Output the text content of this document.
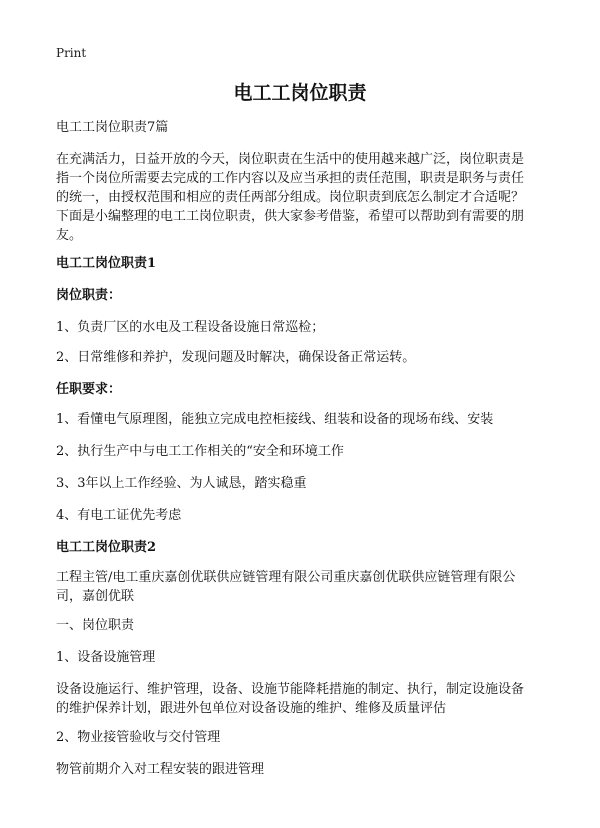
Print
电工工岗位职责

电工工岗位职责7篇

在充满活力，日益开放的今天，岗位职责在生活中的使用越来越广泛，岗位职责是
指一个岗位所需要去完成的工作内容以及应当承担的责任范围，职责是职务与责任
的统一，由授权范围和相应的责任两部分组成。岗位职责到底怎么制定才合适呢？
下面是小编整理的电工工岗位职责，供大家参考借鉴，希望可以帮助到有需要的朋
友。

电工工岗位职责1

岗位职责：

1、负责厂区的水电及工程设备设施日常巡检；

2、日常维修和养护，发现问题及时解决，确保设备正常运转。

任职要求：

1、看懂电气原理图，能独立完成电控柜接线、组装和设备的现场布线、安装

2、执行生产中与电工工作相关的“安全和环境工作

3、3年以上工作经验、为人诚恳，踏实稳重

4、有电工证优先考虑

电工工岗位职责2

工程主管/电工重庆嘉创优联供应链管理有限公司重庆嘉创优联供应链管理有限公
司，嘉创优联

一、岗位职责

1、设备设施管理

设备设施运行、维护管理，设备、设施节能降耗措施的制定、执行，制定设施设备
的维护保养计划，跟进外包单位对设备设施的维护、维修及质量评估

2、物业接管验收与交付管理

物管前期介入对工程安装的跟进管理
